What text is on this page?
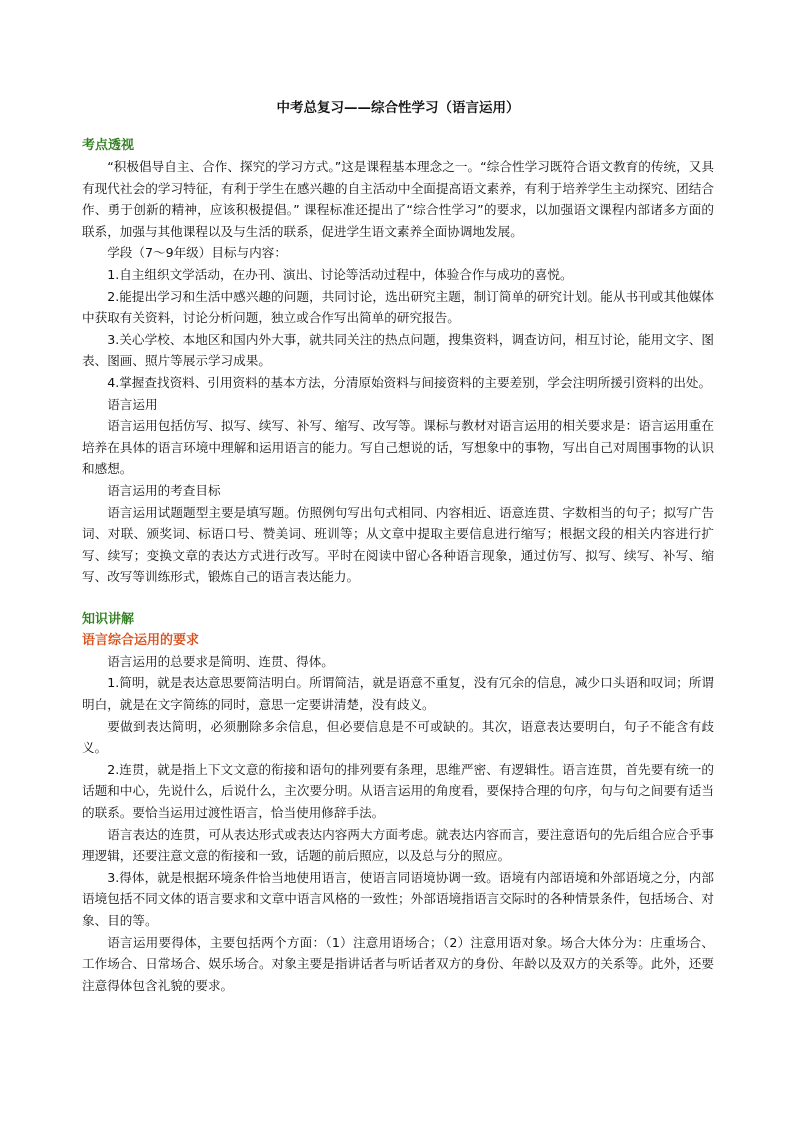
中考总复习——综合性学习（语言运用）
考点透视

“积极倡导自主、合作、探究的学习方式。”这是课程基本理念之一。“综合性学习既符合语文教育的传统，又具有现代社会的学习特征，有利于学生在感兴趣的自主活动中全面提高语文素养，有利于培养学生主动探究、团结合作、勇于创新的精神，应该积极提倡。” 课程标准还提出了“综合性学习”的要求，以加强语文课程内部诸多方面的联系，加强与其他课程以及与生活的联系，促进学生语文素养全面协调地发展。

学段（7～9年级）目标与内容：

1.自主组织文学活动，在办刊、演出、讨论等活动过程中，体验合作与成功的喜悦。

2.能提出学习和生活中感兴趣的问题，共同讨论，选出研究主题，制订简单的研究计划。能从书刊或其他媒体中获取有关资料，讨论分析问题，独立或合作写出简单的研究报告。

3.关心学校、本地区和国内外大事，就共同关注的热点问题，搜集资料，调查访问，相互讨论，能用文字、图表、图画、照片等展示学习成果。

4.掌握查找资料、引用资料的基本方法，分清原始资料与间接资料的主要差别，学会注明所援引资料的出处。

语言运用

语言运用包括仿写、拟写、续写、补写、缩写、改写等。课标与教材对语言运用的相关要求是：语言运用重在培养在具体的语言环境中理解和运用语言的能力。写自己想说的话，写想象中的事物，写出自己对周围事物的认识和感想。

语言运用的考查目标

语言运用试题题型主要是填写题。仿照例句写出句式相同、内容相近、语意连贯、字数相当的句子；拟写广告词、对联、颁奖词、标语口号、赞美词、班训等；从文章中提取主要信息进行缩写；根据文段的相关内容进行扩写、续写；变换文章的表达方式进行改写。平时在阅读中留心各种语言现象，通过仿写、拟写、续写、补写、缩写、改写等训练形式，锻炼自己的语言表达能力。

知识讲解
语言综合运用的要求

语言运用的总要求是简明、连贯、得体。

1.简明，就是表达意思要简洁明白。所谓简洁，就是语意不重复，没有冗余的信息，减少口头语和叹词；所谓明白，就是在文字简练的同时，意思一定要讲清楚，没有歧义。

要做到表达简明，必须删除多余信息，但必要信息是不可或缺的。其次，语意表达要明白，句子不能含有歧义。

2.连贯，就是指上下文文意的衔接和语句的排列要有条理，思维严密、有逻辑性。语言连贯，首先要有统一的话题和中心，先说什么，后说什么，主次要分明。从语言运用的角度看，要保持合理的句序，句与句之间要有适当的联系。要恰当运用过渡性语言，恰当使用修辞手法。

语言表达的连贯，可从表达形式或表达内容两大方面考虑。就表达内容而言，要注意语句的先后组合应合乎事理逻辑，还要注意文意的衔接和一致，话题的前后照应，以及总与分的照应。

3.得体，就是根据环境条件恰当地使用语言，使语言同语境协调一致。语境有内部语境和外部语境之分，内部语境包括不同文体的语言要求和文章中语言风格的一致性；外部语境指语言交际时的各种情景条件，包括场合、对象、目的等。

语言运用要得体，主要包括两个方面：（1）注意用语场合；（2）注意用语对象。场合大体分为：庄重场合、工作场合、日常场合、娱乐场合。对象主要是指讲话者与听话者双方的身份、年龄以及双方的关系等。此外，还要注意得体包含礼貌的要求。
